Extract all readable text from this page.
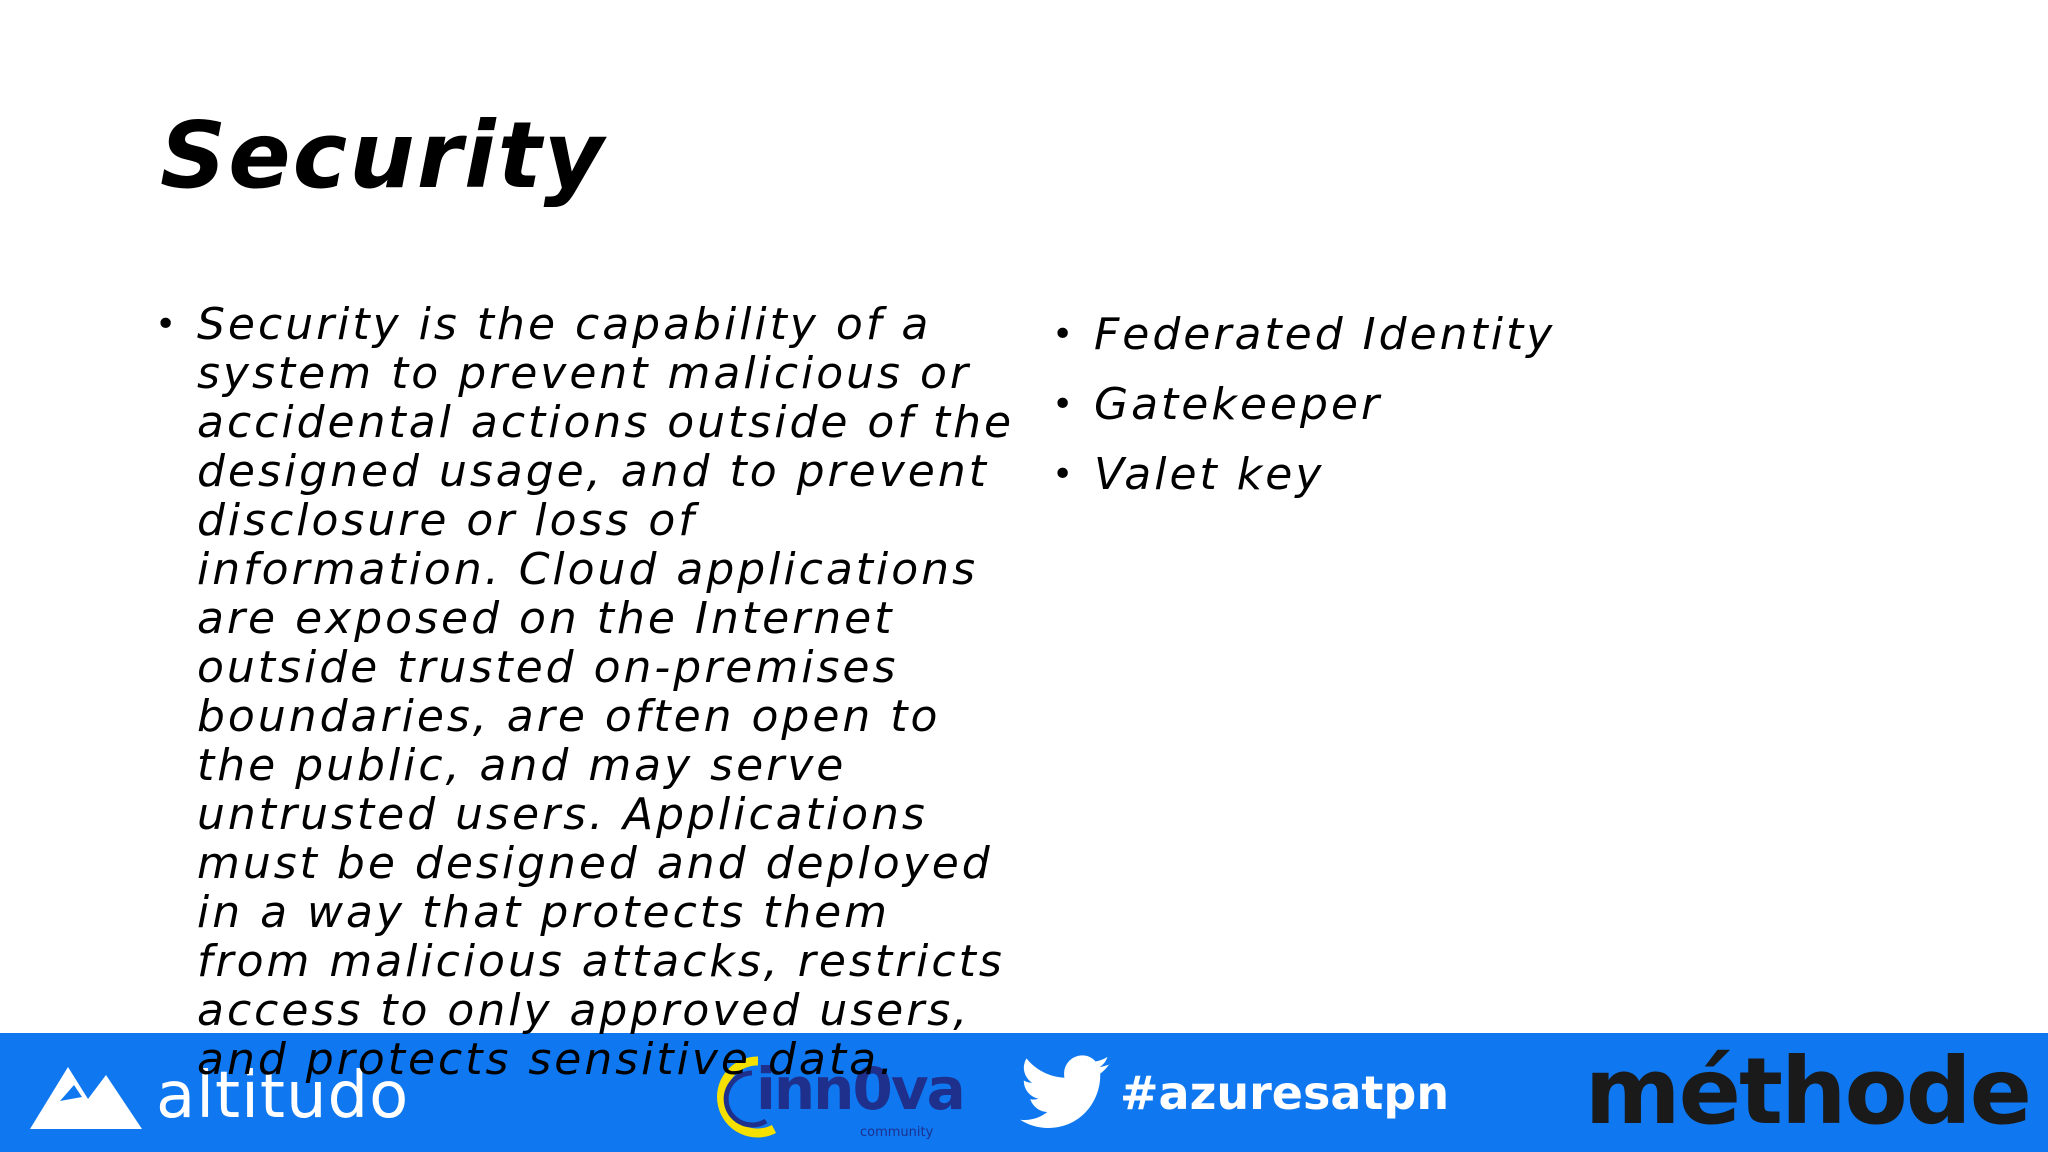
Security
• Security is the capability of a system to prevent malicious or accidental actions outside of the designed usage, and to prevent disclosure or loss of information. Cloud applications are exposed on the Internet outside trusted on-premises boundaries, are often open to the public, and may serve untrusted users. Applications must be designed and deployed in a way that protects them from malicious attacks, restricts access to only approved users, and protects sensitive data.
• Federated Identity
• Gatekeeper
• Valet key
altitudo	inn0va
community
#azuresatpn méthode
